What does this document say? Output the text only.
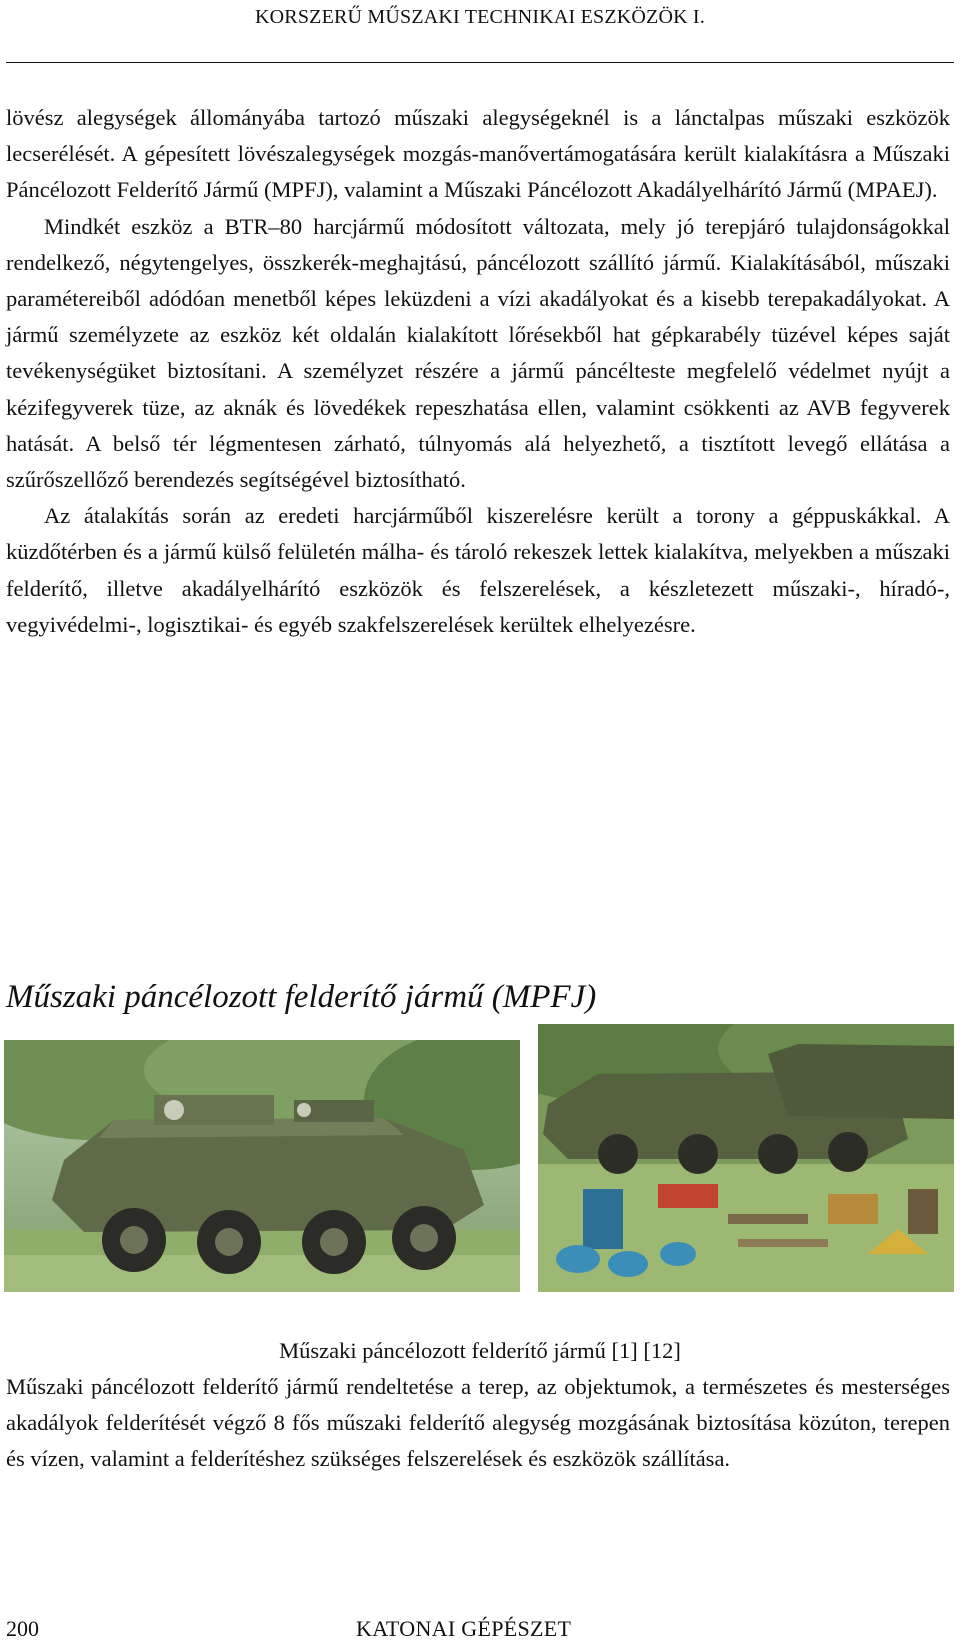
KORSZERŰ MŰSZAKI TECHNIKAI ESZKÖZÖK I.

lövész alegységek állományába tartozó műszaki alegységeknél is a lánctalpas műszaki eszközök lecserélését. A gépesített lövészalegységek mozgás-manővertámogatására került kialakításra a Műszaki Páncélozott Felderítő Jármű (MPFJ), valamint a Műszaki Páncélozott Akadályelhárító Jármű (MPAEJ).

Mindkét eszköz a BTR–80 harcjármű módosított változata, mely jó terepjáró tulajdonságokkal rendelkező, négytengelyes, összkerék-meghajtású, páncélozott szállító jármű. Kialakításából, műszaki paramétereiből adódóan menetből képes leküzdeni a vízi akadályokat és a kisebb terepakadályokat. A jármű személyzete az eszköz két oldalán kialakított lőrésekből hat gépkarabély tüzével képes saját tevékenységüket biztosítani. A személyzet részére a jármű páncélteste megfelelő védelmet nyújt a kézifegyverek tüze, az aknák és lövedékek repeszhatása ellen, valamint csökkenti az AVB fegyverek hatását. A belső tér légmentesen zárható, túlnyomás alá helyezhető, a tisztított levegő ellátása a szűrőszellőző berendezés segítségével biztosítható.

Az átalakítás során az eredeti harcjárműből kiszerelésre került a torony a géppuskákkal. A küzdőtérben és a jármű külső felületén málha- és tároló rekeszek lettek kialakítva, melyekben a műszaki felderítő, illetve akadályelhárító eszközök és felszerelések, a készletezett műszaki-, híradó-, vegyivédelmi-, logisztikai- és egyéb szakfelszerelések kerültek elhelyezésre.

Műszaki páncélozott felderítő jármű (MPFJ)
Műszaki páncélozott felderítő jármű [1] [12]

Műszaki páncélozott felderítő jármű rendeltetése a terep, az objektumok, a természetes és mesterséges akadályok felderítését végző 8 fős műszaki felderítő alegység mozgásának biztosítása közúton, terepen és vízen, valamint a felderítéshez szükséges felszerelések és eszközök szállítása.

200	KATONAI GÉPÉSZET
